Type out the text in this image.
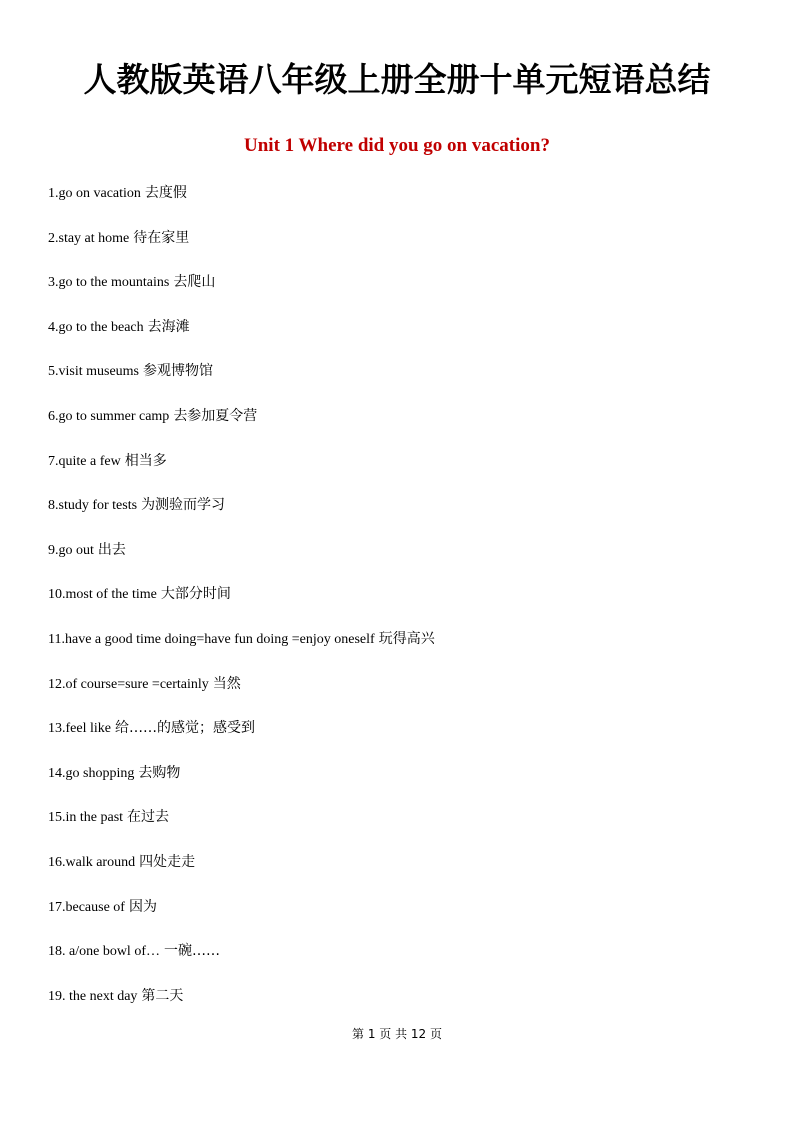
人教版英语八年级上册全册十单元短语总结
Unit 1 Where did you go on vacation?
1.go on vacation 去度假
2.stay at home 待在家里
3.go to the mountains 去爬山
4.go to the beach 去海滩
5.visit museums 参观博物馆
6.go to summer camp 去参加夏令营
7.quite a few 相当多
8.study for tests 为测验而学习
9.go out 出去
10.most of the time 大部分时间
11.have a good time doing=have fun doing =enjoy oneself 玩得高兴
12.of course=sure =certainly 当然
13.feel like 给……的感觉；感受到
14.go shopping 去购物
15.in the past 在过去
16.walk around 四处走走
17.because of 因为
18. a/one bowl of… 一碗……
19. the next day 第二天
第 1 页 共 12 页
